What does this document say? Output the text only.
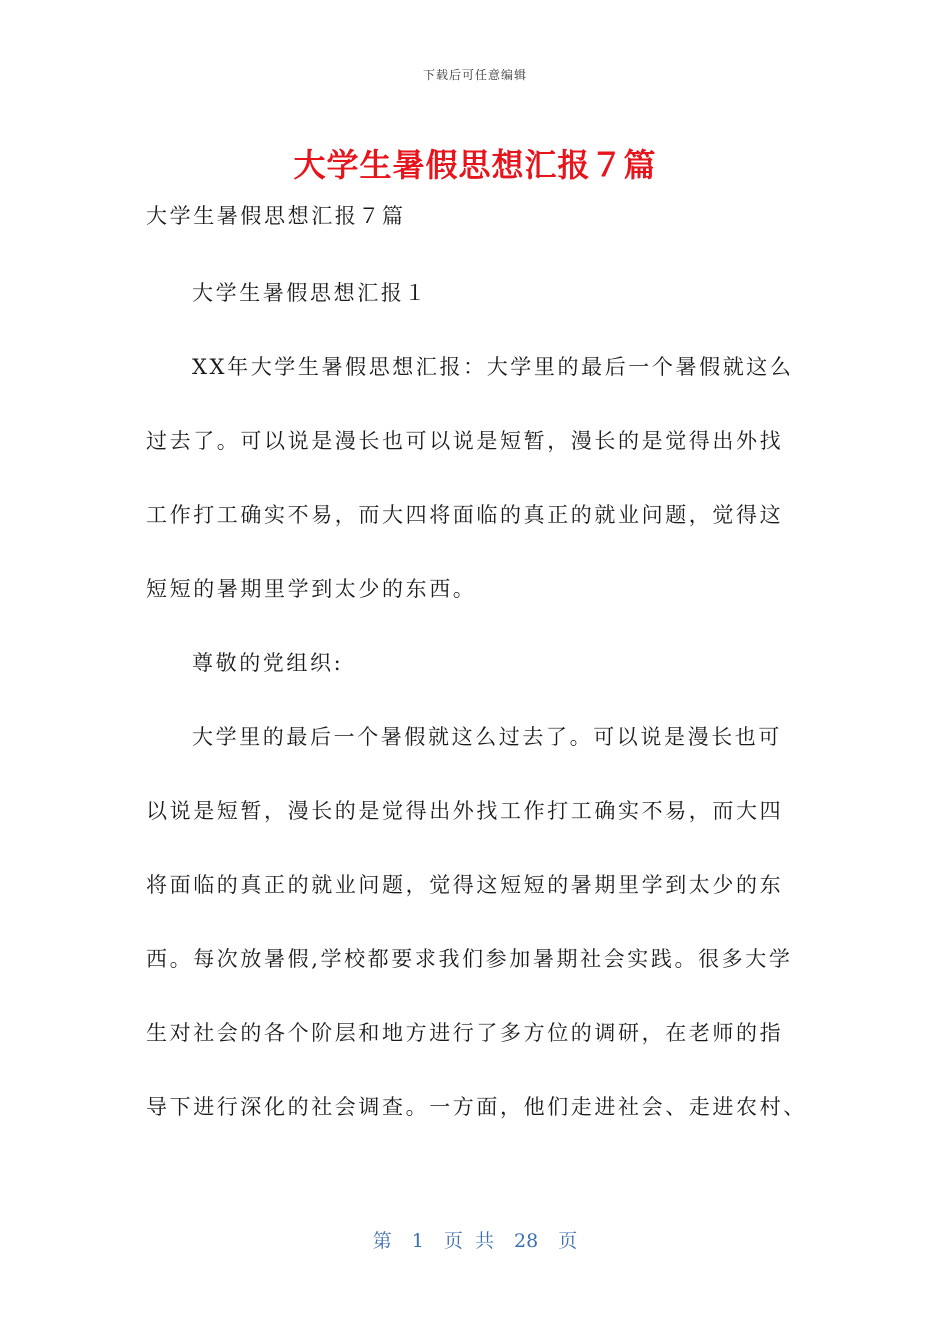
下载后可任意编辑
大学生暑假思想汇报７篇
大学生暑假思想汇报７篇
大学生暑假思想汇报１
XX年大学生暑假思想汇报：大学里的最后一个暑假就这么
过去了。可以说是漫长也可以说是短暂，漫长的是觉得出外找
工作打工确实不易，而大四将面临的真正的就业问题，觉得这
短短的暑期里学到太少的东西。
尊敬的党组织:
大学里的最后一个暑假就这么过去了。可以说是漫长也可
以说是短暂，漫长的是觉得出外找工作打工确实不易，而大四
将面临的真正的就业问题，觉得这短短的暑期里学到太少的东
西。每次放暑假,学校都要求我们参加暑期社会实践。很多大学
生对社会的各个阶层和地方进行了多方位的调研，在老师的指
导下进行深化的社会调查。一方面，他们走进社会、走进农村、
第 1 页 共 28 页
